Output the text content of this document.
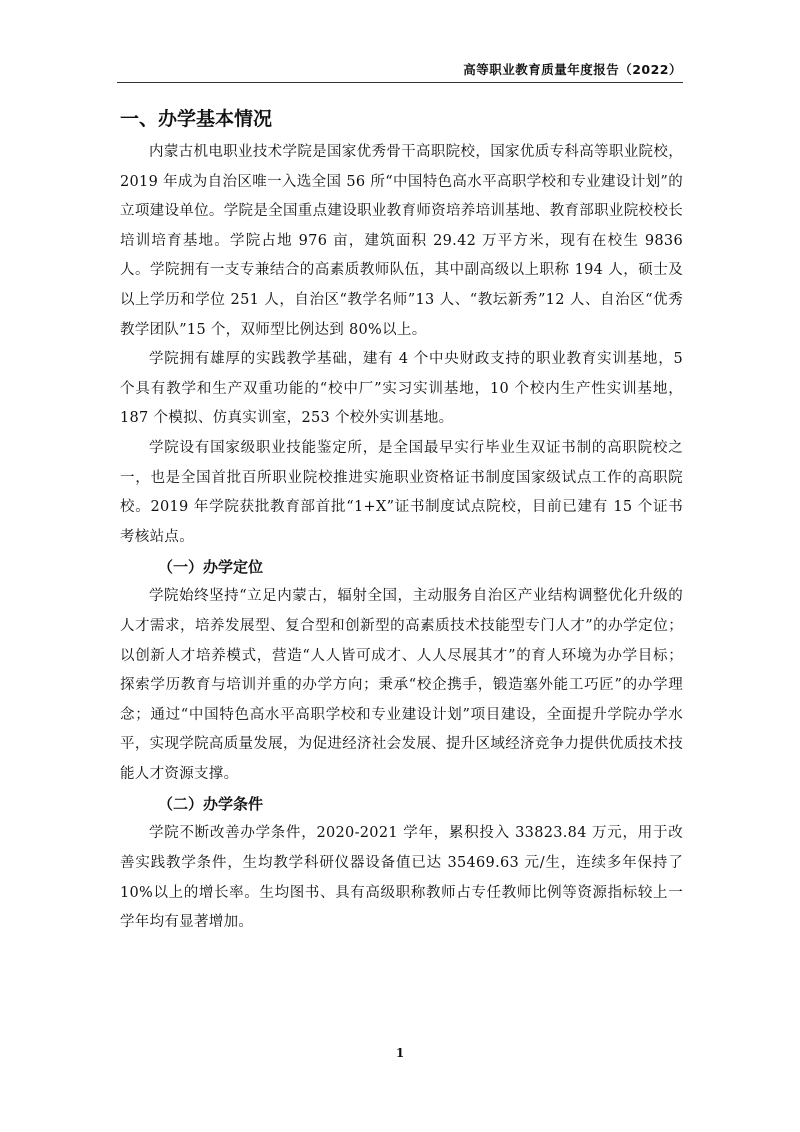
高等职业教育质量年度报告（2022）
一、办学基本情况

内蒙古机电职业技术学院是国家优秀骨干高职院校，国家优质专科高等职业院校，2019 年成为自治区唯一入选全国 56 所“中国特色高水平高职学校和专业建设计划”的立项建设单位。学院是全国重点建设职业教育师资培养培训基地、教育部职业院校校长培训培育基地。学院占地 976 亩，建筑面积 29.42 万平方米，现有在校生 9836 人。学院拥有一支专兼结合的高素质教师队伍，其中副高级以上职称 194 人，硕士及以上学历和学位 251 人，自治区“教学名师”13 人、“教坛新秀”12 人、自治区“优秀教学团队”15 个，双师型比例达到 80%以上。

学院拥有雄厚的实践教学基础，建有 4 个中央财政支持的职业教育实训基地，5 个具有教学和生产双重功能的“校中厂”实习实训基地，10 个校内生产性实训基地，187 个模拟、仿真实训室，253 个校外实训基地。

学院设有国家级职业技能鉴定所，是全国最早实行毕业生双证书制的高职院校之一，也是全国首批百所职业院校推进实施职业资格证书制度国家级试点工作的高职院校。2019 年学院获批教育部首批“1+X”证书制度试点院校，目前已建有 15 个证书考核站点。

（一）办学定位

学院始终坚持“立足内蒙古，辐射全国，主动服务自治区产业结构调整优化升级的人才需求，培养发展型、复合型和创新型的高素质技术技能型专门人才”的办学定位；以创新人才培养模式，营造“人人皆可成才、人人尽展其才”的育人环境为办学目标；探索学历教育与培训并重的办学方向；秉承“校企携手，锻造塞外能工巧匠”的办学理念；通过“中国特色高水平高职学校和专业建设计划”项目建设，全面提升学院办学水平，实现学院高质量发展，为促进经济社会发展、提升区域经济竞争力提供优质技术技能人才资源支撑。

（二）办学条件

学院不断改善办学条件，2020-2021 学年，累积投入 33823.84 万元，用于改善实践教学条件，生均教学科研仪器设备值已达 35469.63 元/生，连续多年保持了 10%以上的增长率。生均图书、具有高级职称教师占专任教师比例等资源指标较上一学年均有显著增加。

1
